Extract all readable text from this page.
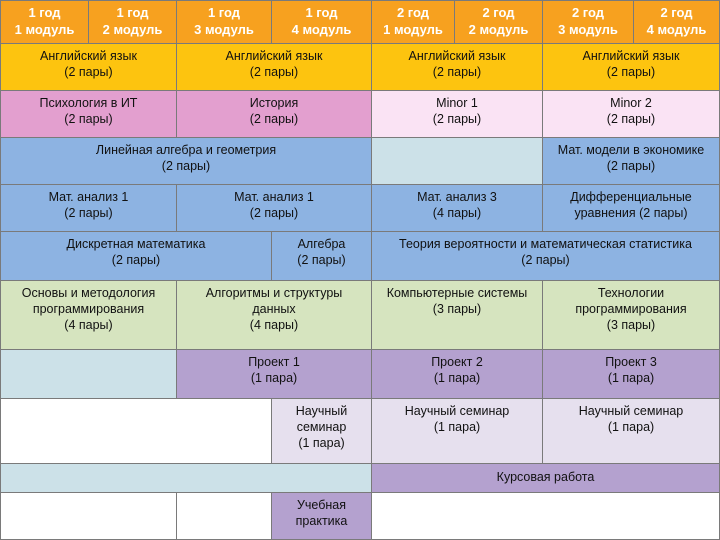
1 год
1 модуль
1 год
2 модуль
1 год
3 модуль
1 год
4 модуль
2 год
1 модуль
2 год
2 модуль
2 год
3 модуль
2 год
4 модуль
Английский язык
(2 пары)
Английский язык
(2 пары)
Английский язык
(2 пары)
Английский язык
(2 пары)
Психология в ИТ
(2 пары)
История
(2 пары)
Minor 1
(2 пары)
Minor 2
(2 пары)
Линейная алгебра и геометрия
(2 пары)
Мат. модели в экономике
(2 пары)
Мат. анализ 1
(2 пары)
Мат. анализ 1
(2 пары)
Мат. анализ 3
(4 пары)
Дифференциальные
уравнения (2 пары)
Дискретная математика
(2 пары)
Алгебра
(2 пары)
Теория вероятности и математическая статистика
(2 пары)
Основы и методология
программирования
(4 пары)
Алгоритмы и структуры
данных
(4 пары)
Компьютерные системы
(3 пары)
Технологии
программирования
(3 пары)
Проект 1
(1 пара)
Проект 2
(1 пара)
Проект 3
(1 пара)
Научный
семинар
(1 пара)
Научный семинар
(1 пара)
Научный семинар
(1 пара)
Курсовая работа
Учебная
практика
